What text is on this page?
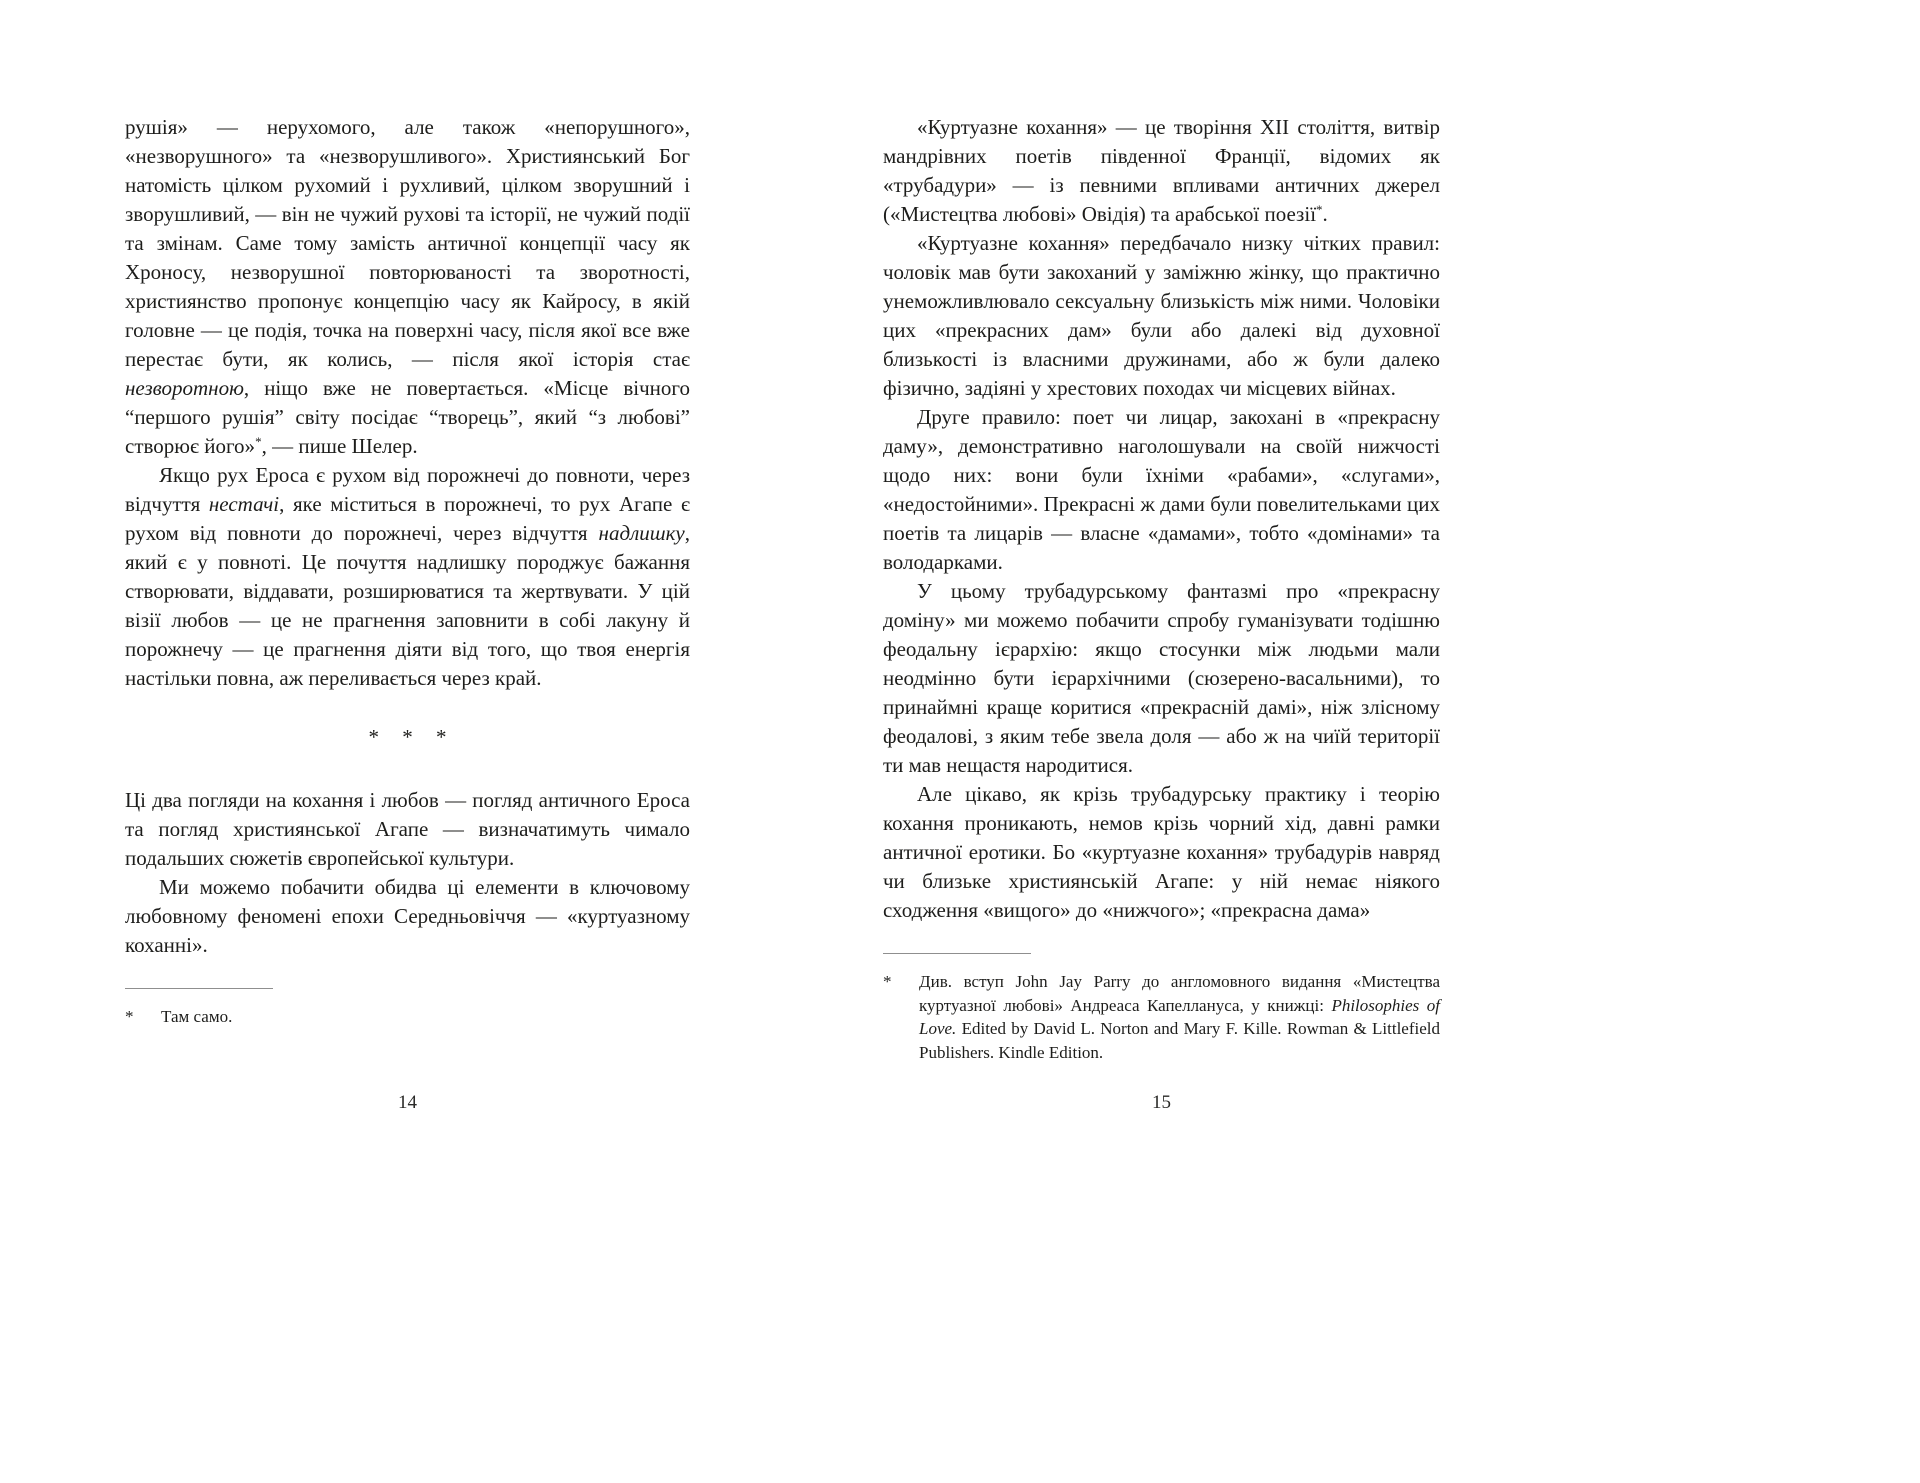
рушія» — нерухомого, але також «непорушного», «незворушного» та «незворушливого». Християнський Бог натомість цілком рухомий і рухливий, цілком зворушний і зворушливий, — він не чужий рухові та історії, не чужий події та змінам. Саме тому замість античної концепції часу як Хроносу, незворушної повторюваності та зворотності, християнство пропонує концепцію часу як Кайросу, в якій головне — це подія, точка на поверхні часу, після якої все вже перестає бути, як колись, — після якої історія стає незворотною, ніщо вже не повертається. «Місце вічного “першого рушія” світу посідає “творець”, який “з любові” створює його»*, — пише Шелер.

Якщо рух Ероса є рухом від порожнечі до повноти, через відчуття нестачі, яке міститься в порожнечі, то рух Агапе є рухом від повноти до порожнечі, через відчуття надлишку, який є у повноті. Це почуття надлишку породжує бажання створювати, віддавати, розширюватися та жертвувати. У цій візії любов — це не прагнення заповнити в собі лакуну й порожнечу — це прагнення діяти від того, що твоя енергія настільки повна, аж переливається через край.

* * *

Ці два погляди на кохання і любов — погляд античного Ероса та погляд християнської Агапе — визначатимуть чимало подальших сюжетів європейської культури.

Ми можемо побачити обидва ці елементи в ключовому любовному феномені епохи Середньовіччя — «куртуазному коханні».

*	Там само.

«Куртуазне кохання» — це творіння XII століття, витвір мандрівних поетів південної Франції, відомих як «трубадури» — із певними впливами античних джерел («Мистецтва любові» Овідія) та арабської поезії*.

«Куртуазне кохання» передбачало низку чітких правил: чоловік мав бути закоханий у заміжню жінку, що практично унеможливлювало сексуальну близькість між ними. Чоловіки цих «прекрасних дам» були або далекі від духовної близькості із власними дружинами, або ж були далеко фізично, задіяні у хрестових походах чи місцевих війнах.

Друге правило: поет чи лицар, закохані в «прекрасну даму», демонстративно наголошували на своїй нижчості щодо них: вони були їхніми «рабами», «слугами», «недостойними». Прекрасні ж дами були повелительками цих поетів та лицарів — власне «дамами», тобто «домінами» та володарками.

У цьому трубадурському фантазмі про «прекрасну доміну» ми можемо побачити спробу гуманізувати тодішню феодальну ієрархію: якщо стосунки між людьми мали неодмінно бути ієрархічними (сюзерено-васальними), то принаймні краще коритися «прекрасній дамі», ніж злісному феодалові, з яким тебе звела доля — або ж на чиїй території ти мав нещастя народитися.

Але цікаво, як крізь трубадурську практику і теорію кохання проникають, немов крізь чорний хід, давні рамки античної еротики. Бо «куртуазне кохання» трубадурів навряд чи близьке християнській Агапе: у ній немає ніякого сходження «вищого» до «нижчого»; «прекрасна дама»

*	Див. вступ John Jay Parry до англомовного видання «Мистецтва куртуазної любові» Андреаса Капеллануса, у книжці: Philosophies of Love. Edited by David L. Norton and Mary F. Kille. Rowman & Littlefield Publishers. Kindle Edition.
14	15
